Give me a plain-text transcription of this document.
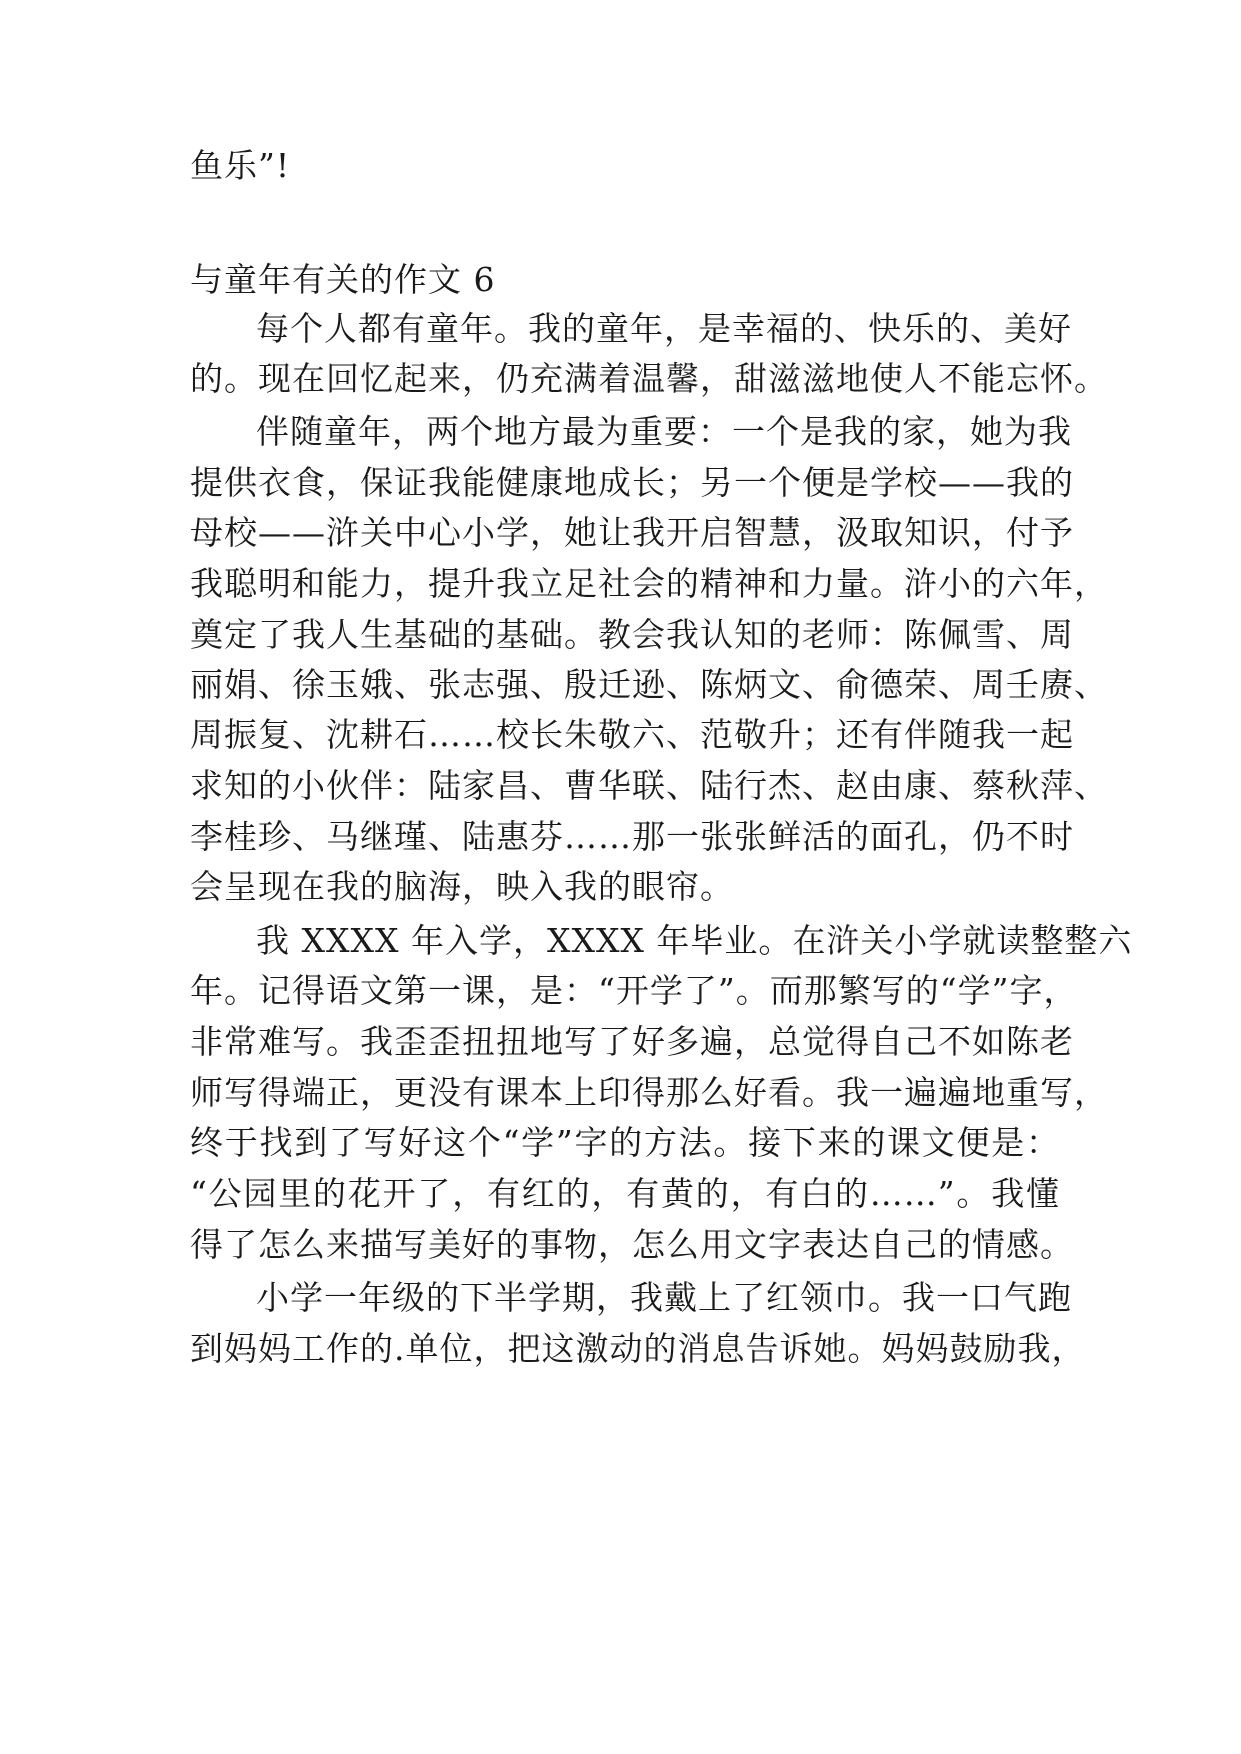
鱼乐”!
与童年有关的作文 6
每个人都有童年。我的童年，是幸福的、快乐的、美好
的。现在回忆起来，仍充满着温馨，甜滋滋地使人不能忘怀。
伴随童年，两个地方最为重要：一个是我的家，她为我
提供衣食，保证我能健康地成长；另一个便是学校——我的
母校——浒关中心小学，她让我开启智慧，汲取知识，付予
我聪明和能力，提升我立足社会的精神和力量。浒小的六年，
奠定了我人生基础的基础。教会我认知的老师：陈佩雪、周
丽娟、徐玉娥、张志强、殷迁逊、陈炳文、俞德荣、周壬赓、
周振复、沈耕石……校长朱敬六、范敬升；还有伴随我一起
求知的小伙伴：陆家昌、曹华联、陆行杰、赵由康、蔡秋萍、
李桂珍、马继瑾、陆惠芬……那一张张鲜活的面孔，仍不时
会呈现在我的脑海，映入我的眼帘。
我 XXXX 年入学，XXXX 年毕业。在浒关小学就读整整六
年。记得语文第一课，是：“开学了”。而那繁写的“学”字，
非常难写。我歪歪扭扭地写了好多遍，总觉得自己不如陈老
师写得端正，更没有课本上印得那么好看。我一遍遍地重写，
终于找到了写好这个“学”字的方法。接下来的课文便是：
“公园里的花开了，有红的，有黄的，有白的……”。我懂
得了怎么来描写美好的事物，怎么用文字表达自己的情感。
小学一年级的下半学期，我戴上了红领巾。我一口气跑
到妈妈工作的.单位，把这激动的消息告诉她。妈妈鼓励我，
